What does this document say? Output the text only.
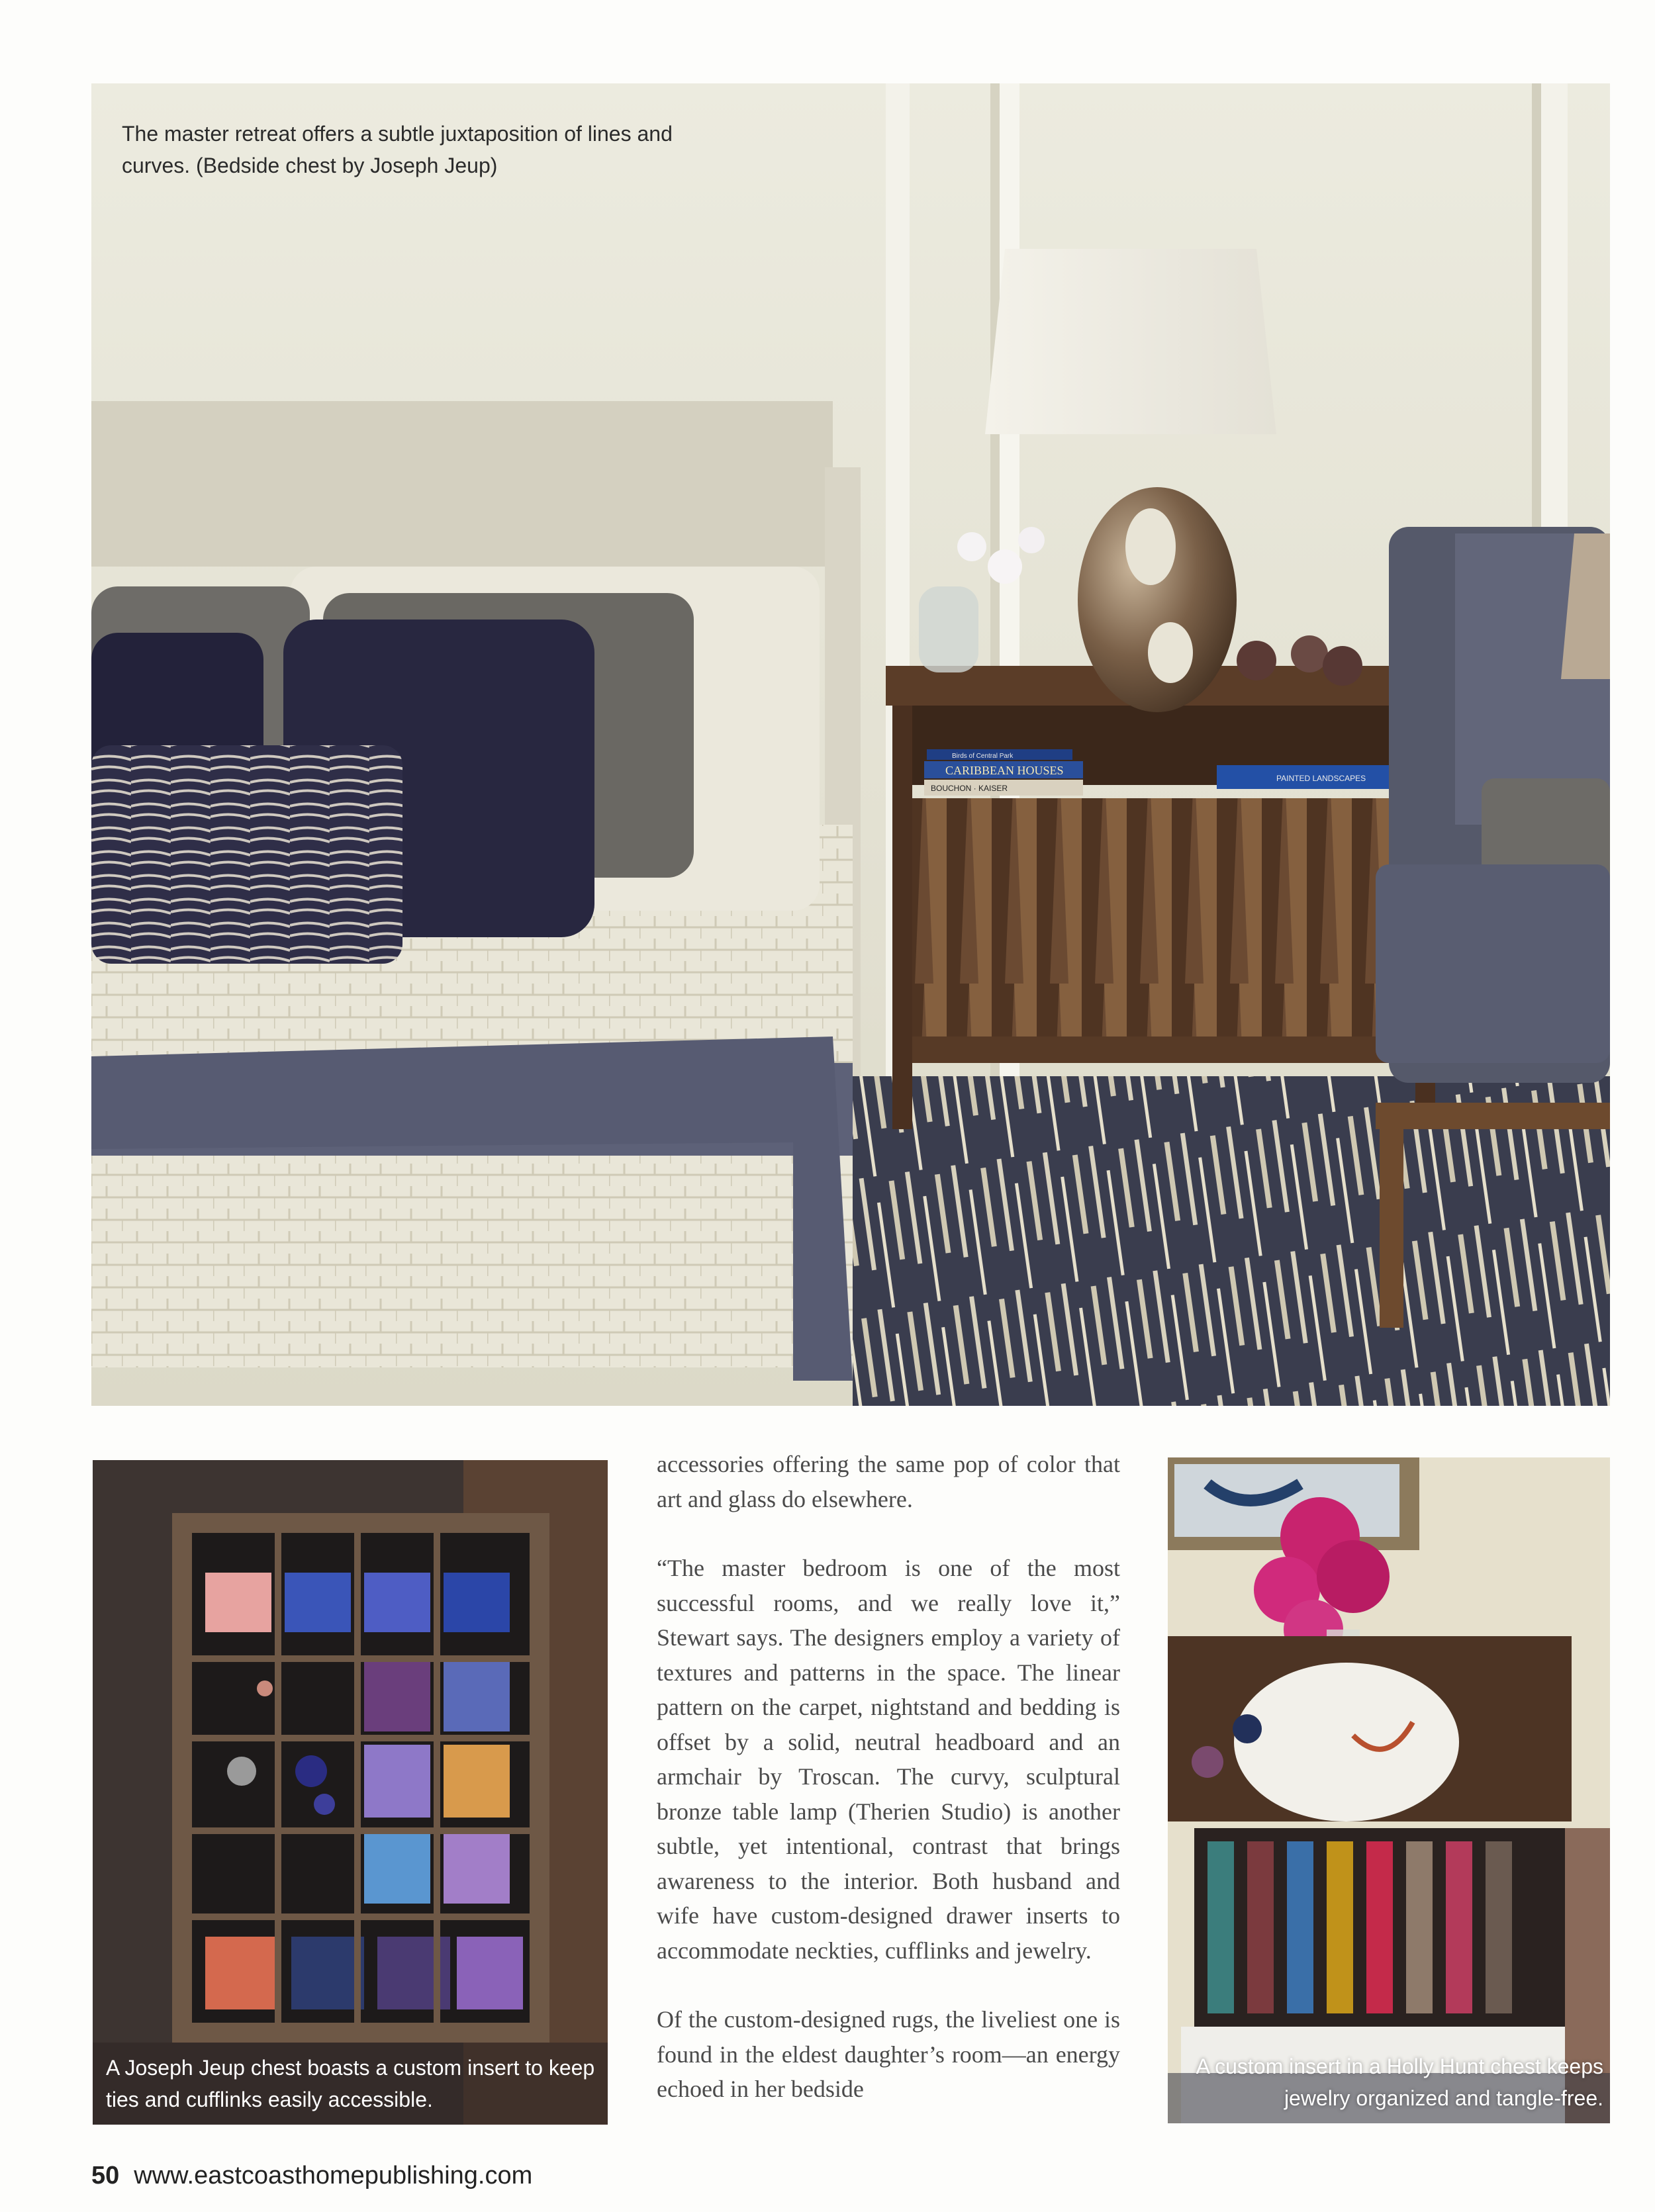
Birds of Central Park
CARIBBEAN HOUSES
BOUCHON · KAISER
PAINTED LANDSCAPES
The master retreat offers a subtle juxtaposition of lines and curves. (Bedside chest by Joseph Jeup)
A Joseph Jeup chest boasts a custom insert to keep ties and cufflinks easily accessible.

accessories offering the same pop of color that art and glass do elsewhere.

“The master bedroom is one of the most successful rooms, and we really love it,” Stewart says. The designers employ a variety of textures and patterns in the space. The linear pattern on the carpet, nightstand and bedding is offset by a solid, neutral headboard and an armchair by Troscan. The curvy, sculptural bronze table lamp (Therien Studio) is another subtle, yet intentional, contrast that brings awareness to the interior. Both husband and wife have custom-designed drawer inserts to accommodate neckties, cufflinks and jewelry.

Of the custom-designed rugs, the liveliest one is found in the eldest daughter’s room—an energy echoed in her bedside

A custom insert in a Holly Hunt chest keeps jewelry organized and tangle-free.
50 www.eastcoasthomepublishing.com
